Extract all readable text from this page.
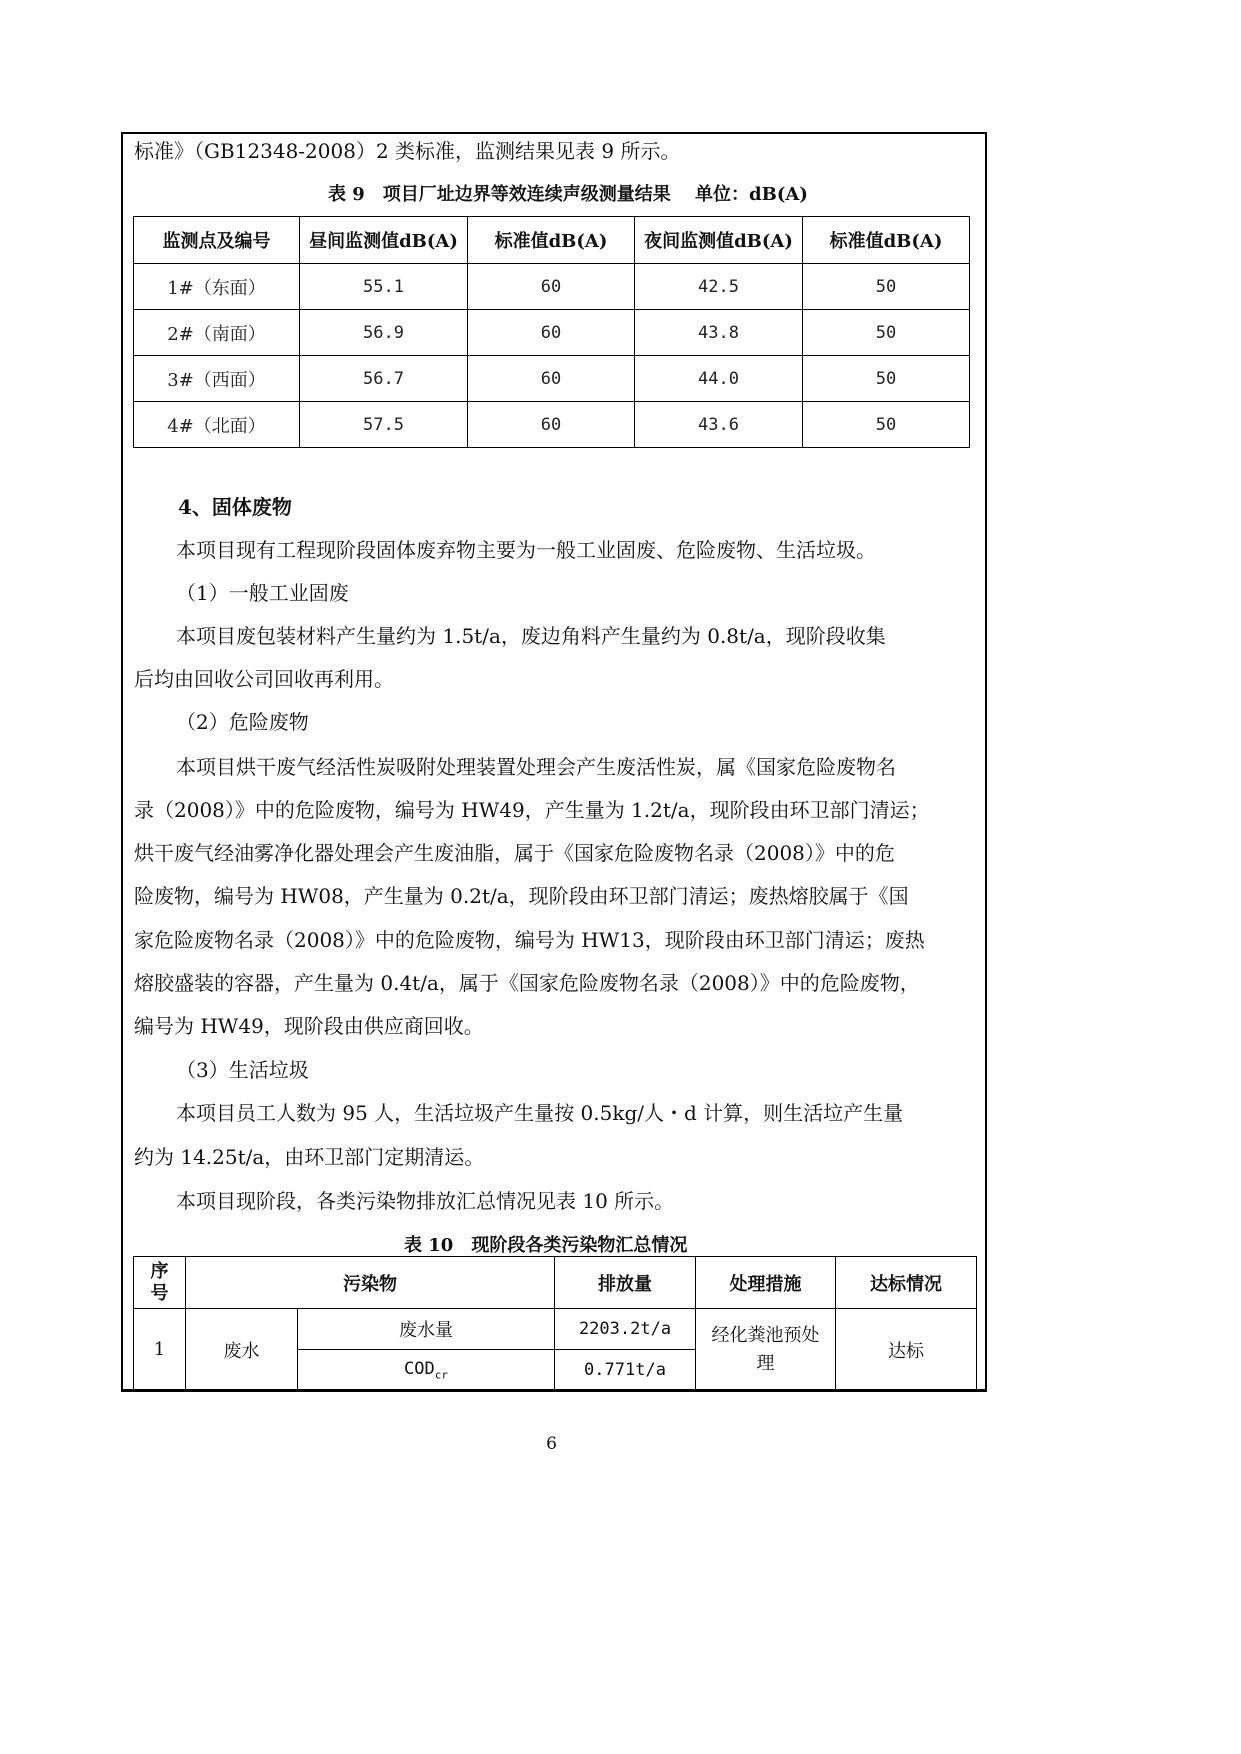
标准》（GB12348-2008）2 类标准，监测结果见表 9 所示。
表 9　项目厂址边界等效连续声级测量结果　 单位：dB(A)
监测点及编号	昼间监测值dB(A)	标准值dB(A)	夜间监测值dB(A)	标准值dB(A)
1#（东面）	55.1	60	42.5	50
2#（南面）	56.9	60	43.8	50
3#（西面）	56.7	60	44.0	50
4#（北面）	57.5	60	43.6	50
4、固体废物
本项目现有工程现阶段固体废弃物主要为一般工业固废、危险废物、生活垃圾。
（1）一般工业固废
本项目废包装材料产生量约为 1.5t/a，废边角料产生量约为 0.8t/a，现阶段收集
后均由回收公司回收再利用。
（2）危险废物
本项目烘干废气经活性炭吸附处理装置处理会产生废活性炭，属《国家危险废物名
录（2008）》中的危险废物，编号为 HW49，产生量为 1.2t/a，现阶段由环卫部门清运；
烘干废气经油雾净化器处理会产生废油脂，属于《国家危险废物名录（2008）》中的危
险废物，编号为 HW08，产生量为 0.2t/a，现阶段由环卫部门清运；废热熔胶属于《国
家危险废物名录（2008）》中的危险废物，编号为 HW13，现阶段由环卫部门清运；废热
熔胶盛装的容器，产生量为 0.4t/a，属于《国家危险废物名录（2008）》中的危险废物，
编号为 HW49，现阶段由供应商回收。
（3）生活垃圾
本项目员工人数为 95 人，生活垃圾产生量按 0.5kg/人・d 计算，则生活垃产生量
约为 14.25t/a，由环卫部门定期清运。
本项目现阶段，各类污染物排放汇总情况见表 10 所示。
表 10　现阶段各类污染物汇总情况
序号	污染物		排放量	处理措施	达标情况
1	废水	废水量	2203.2t/a	经化粪池预处理	达标
		$COD_{cr}$	0.771t/a		
6
